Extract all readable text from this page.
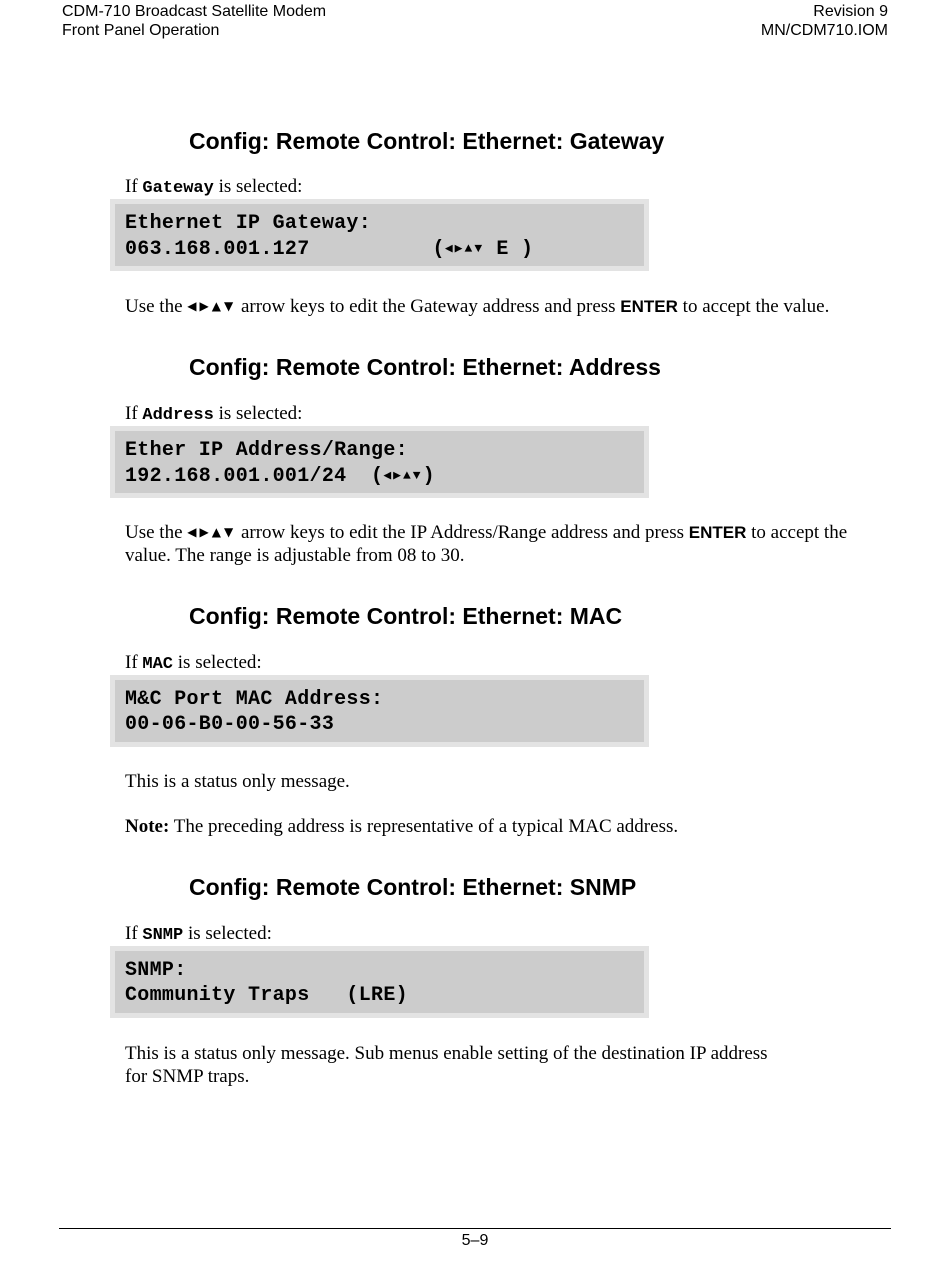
CDM-710 Broadcast Satellite Modem
Front Panel Operation
Revision 9
MN/CDM710.IOM
Config: Remote Control: Ethernet: Gateway
If Gateway is selected:
Ethernet IP Gateway:
063.168.001.127          (◀▶▲▼ E )
Use the ◀▶▲▼ arrow keys to edit the Gateway address and press ENTER to accept the value.
Config: Remote Control: Ethernet: Address
If Address is selected:
Ether IP Address/Range:
192.168.001.001/24  (◀▶▲▼)
Use the ◀▶▲▼ arrow keys to edit the IP Address/Range address and press ENTER to accept the value. The range is adjustable from 08 to 30.
Config: Remote Control: Ethernet: MAC
If MAC is selected:
M&C Port MAC Address:
00-06-B0-00-56-33
This is a status only message.
Note: The preceding address is representative of a typical MAC address.
Config: Remote Control: Ethernet: SNMP
If SNMP is selected:
SNMP:
Community Traps   (LRE)
This is a status only message. Sub menus enable setting of the destination IP address
for SNMP traps.
5–9
